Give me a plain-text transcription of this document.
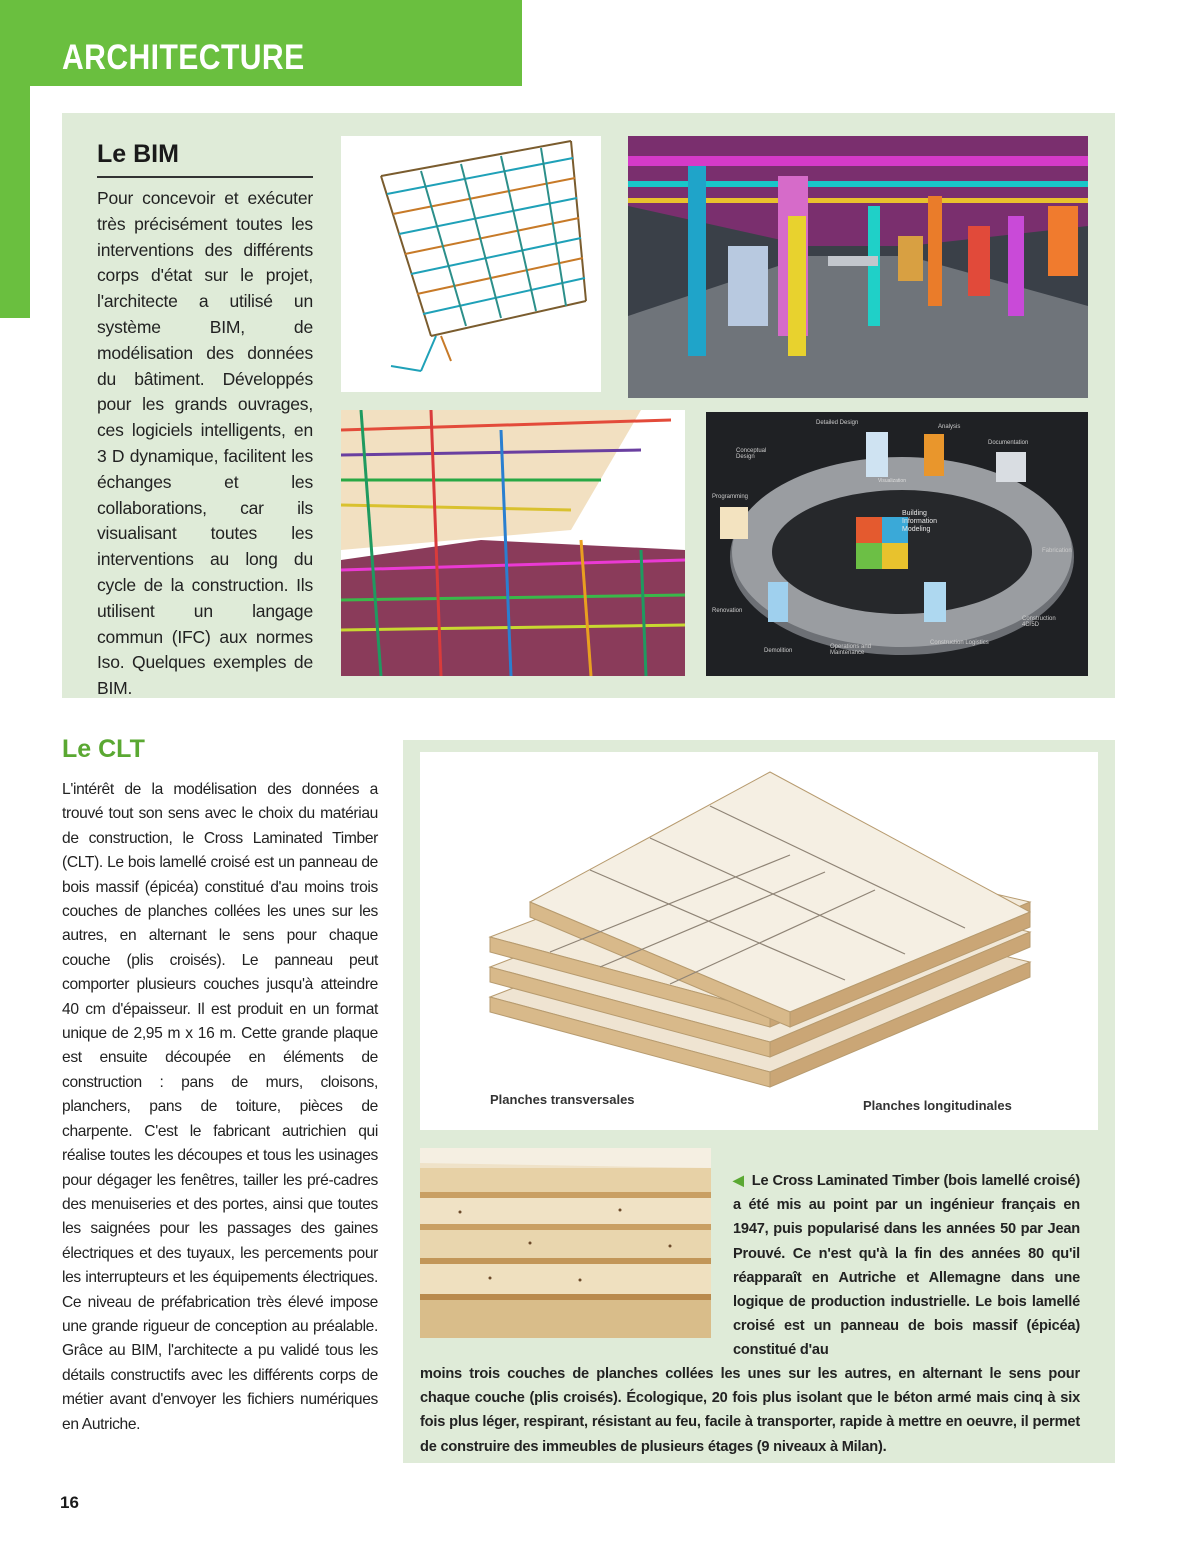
ARCHITECTURE
Le BIM

Pour concevoir et exécuter très précisément toutes les interventions des différents corps d'état sur le projet, l'architecte a utilisé un système BIM, de modélisation des données du bâtiment. Développés pour les grands ouvrages, ces logiciels intelligents, en 3 D dynamique, facilitent les échanges et les collaborations, car ils visualisant toutes les interventions au long du cycle de la construction. Ils utilisent un langage commun (IFC) aux normes Iso. Quelques exemples de BIM.

Building
Information
Modeling
Conceptual Design
Detailed Design
Analysis
Documentation
Fabrication
Construction 4D/5D
Construction Logistics
Operations and Maintenance
Demolition
Renovation
Programming
Visualization
Le CLT

L'intérêt de la modélisation des données a trouvé tout son sens avec le choix du matériau de construction, le Cross Laminated Timber (CLT). Le bois lamellé croisé est un panneau de bois massif (épicéa) constitué d'au moins trois couches de planches collées les unes sur les autres, en alternant le sens pour chaque couche (plis croisés). Le panneau peut comporter plusieurs couches jusqu'à atteindre 40 cm d'épaisseur. Il est produit en un format unique de 2,95 m x 16 m. Cette grande plaque est ensuite découpée en éléments de construction : pans de murs, cloisons, planchers, pans de toiture, pièces de charpente. C'est le fabricant autrichien qui réalise toutes les découpes et tous les usinages pour dégager les fenêtres, tailler les pré-cadres des menuiseries et des portes, ainsi que toutes les saignées pour les passages des gaines électriques et des tuyaux, les percements pour les interrupteurs et les équipements électriques. Ce niveau de préfabrication très élevé impose une grande rigueur de conception au préalable. Grâce au BIM, l'architecte a pu validé tous les détails constructifs avec les différents corps de métier avant d'envoyer les fichiers numériques en Autriche.

Planches transversales	Planches longitudinales

◀ Le Cross Laminated Timber (bois lamellé croisé) a été mis au point par un ingénieur français en 1947, puis popularisé dans les années 50 par Jean Prouvé. Ce n'est qu'à la fin des années 80 qu'il réapparaît en Autriche et Allemagne dans une logique de production industrielle. Le bois lamellé croisé est un panneau de bois massif (épicéa) constitué d'au

moins trois couches de planches collées les unes sur les autres, en alternant le sens pour chaque couche (plis croisés). Écologique, 20 fois plus isolant que le béton armé mais cinq à six fois plus léger, respirant, résistant au feu, facile à transporter, rapide à mettre en oeuvre, il permet de construire des immeubles de plusieurs étages (9 niveaux à Milan).

16
